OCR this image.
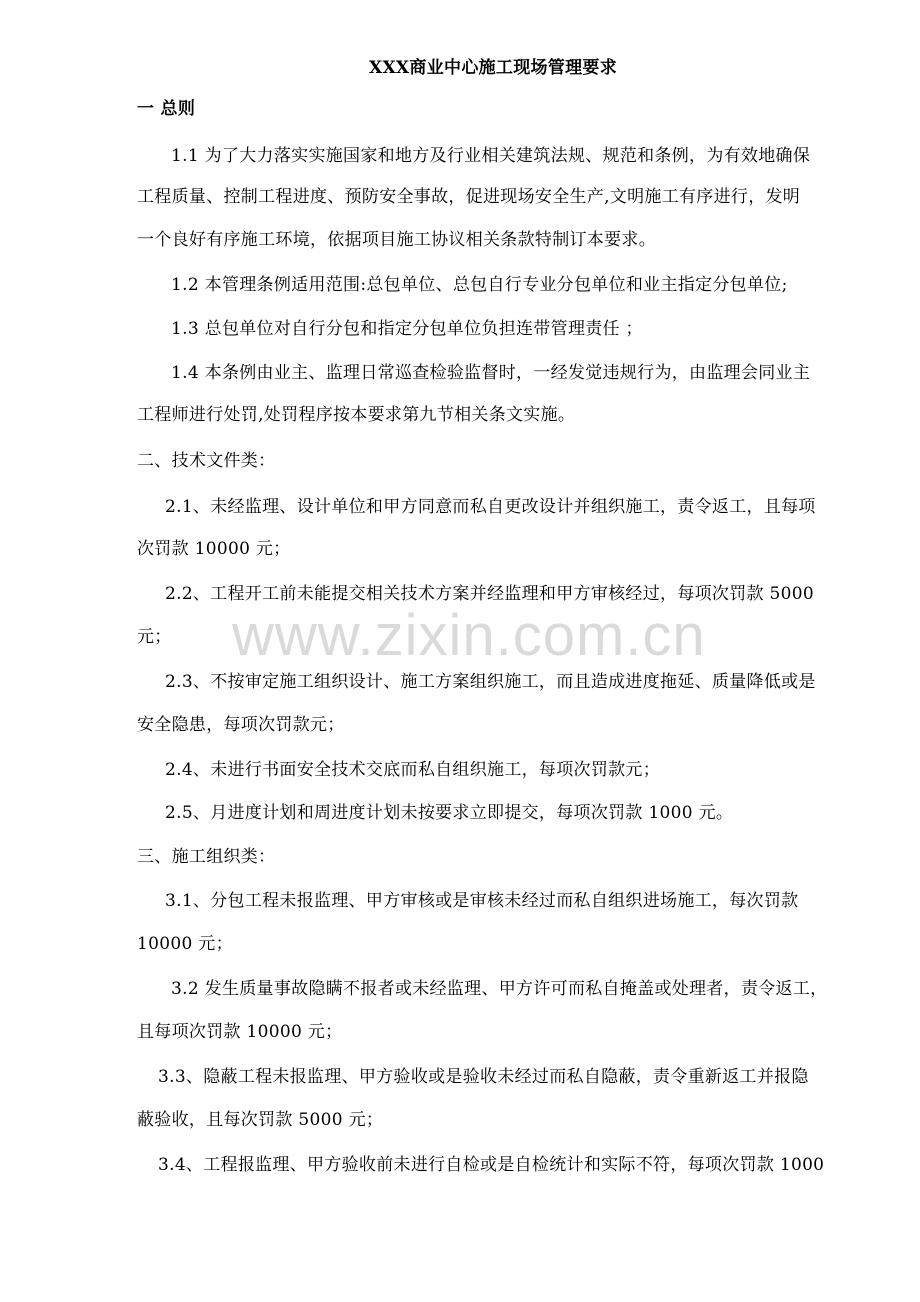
www.zixin.com.cn
XXX商业中心施工现场管理要求
一 总则
1.1 为了大力落实实施国家和地方及行业相关建筑法规、规范和条例，为有效地确保
工程质量、控制工程进度、预防安全事故，促进现场安全生产,文明施工有序进行，发明
一个良好有序施工环境，依据项目施工协议相关条款特制订本要求。
1.2 本管理条例适用范围:总包单位、总包自行专业分包单位和业主指定分包单位;
1.3 总包单位对自行分包和指定分包单位负担连带管理责任 ；
1.4 本条例由业主、监理日常巡查检验监督时，一经发觉违规行为，由监理会同业主
工程师进行处罚,处罚程序按本要求第九节相关条文实施。
二、技术文件类：
2.1、未经监理、设计单位和甲方同意而私自更改设计并组织施工，责令返工，且每项
次罚款 10000 元；
2.2、工程开工前未能提交相关技术方案并经监理和甲方审核经过，每项次罚款 5000
元；
2.3、不按审定施工组织设计、施工方案组织施工，而且造成进度拖延、质量降低或是
安全隐患，每项次罚款元；
2.4、未进行书面安全技术交底而私自组织施工，每项次罚款元；
2.5、月进度计划和周进度计划未按要求立即提交，每项次罚款 1000 元。
三、施工组织类：
3.1、分包工程未报监理、甲方审核或是审核未经过而私自组织进场施工，每次罚款
10000 元；
3.2 发生质量事故隐瞒不报者或未经监理、甲方许可而私自掩盖或处理者，责令返工，
且每项次罚款 10000 元；
3.3、隐蔽工程未报监理、甲方验收或是验收未经过而私自隐蔽，责令重新返工并报隐
蔽验收，且每次罚款 5000 元；
3.4、工程报监理、甲方验收前未进行自检或是自检统计和实际不符，每项次罚款 1000
